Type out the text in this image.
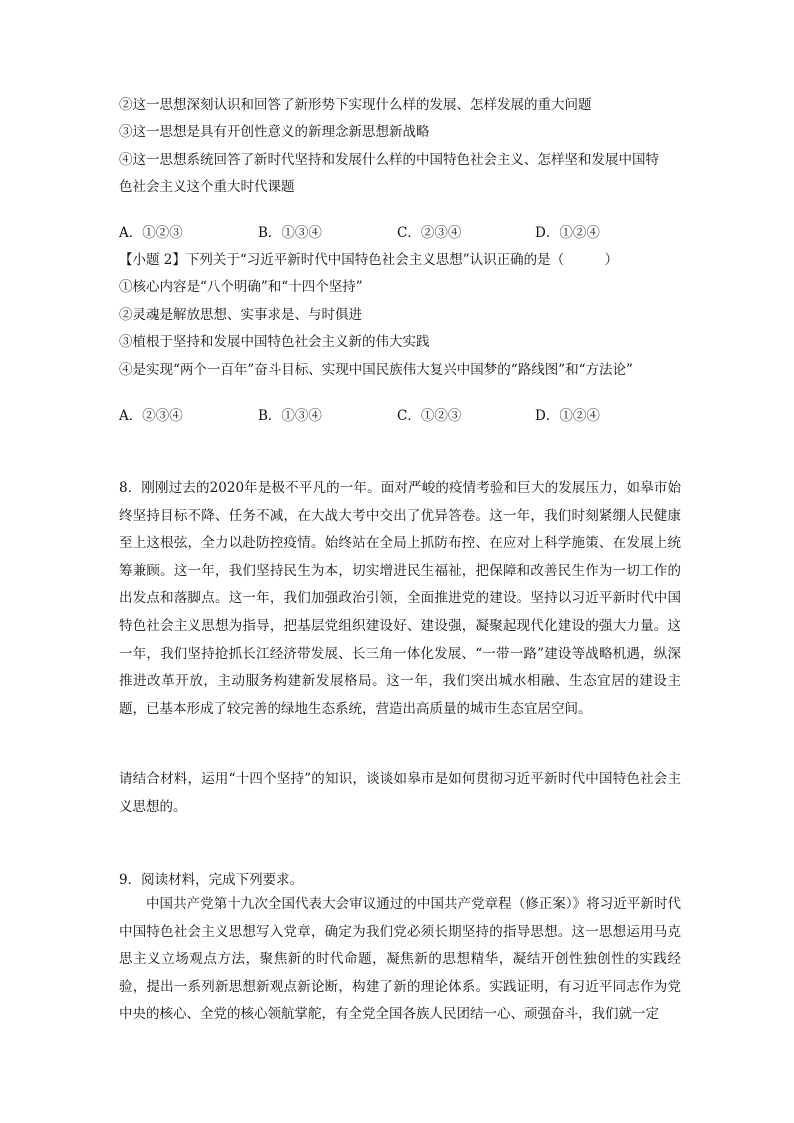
②这一思想深刻认识和回答了新形势下实现什么样的发展、怎样发展的重大问题
③这一思想是具有开创性意义的新理念新思想新战略
④这一思想系统回答了新时代坚持和发展什么样的中国特色社会主义、怎样坚和发展中国特
色社会主义这个重大时代课题
A．①②③	B．①③④	C．②③④	D．①②④
【小题 2】下列关于“习近平新时代中国特色社会主义思想”认识正确的是（　　　）
①核心内容是“八个明确”和“十四个坚持”
②灵魂是解放思想、实事求是、与时俱进
③植根于坚持和发展中国特色社会主义新的伟大实践
④是实现“两个一百年”奋斗目标、实现中国民族伟大复兴中国梦的“路线图”和“方法论”
A．②③④	B．①③④	C．①②③	D．①②④
8．刚刚过去的2020年是极不平凡的一年。面对严峻的疫情考验和巨大的发展压力，如皋市始终坚持目标不降、任务不减，在大战大考中交出了优异答卷。这一年，我们时刻紧绷人民健康至上这根弦，全力以赴防控疫情。始终站在全局上抓防布控、在应对上科学施策、在发展上统筹兼顾。这一年，我们坚持民生为本，切实增进民生福祉，把保障和改善民生作为一切工作的出发点和落脚点。这一年，我们加强政治引领，全面推进党的建设。坚持以习近平新时代中国特色社会主义思想为指导，把基层党组织建设好、建设强，凝聚起现代化建设的强大力量。这一年，我们坚持抢抓长江经济带发展、长三角一体化发展、“一带一路”建设等战略机遇，纵深推进改革开放，主动服务构建新发展格局。这一年，我们突出城水相融、生态宜居的建设主题，已基本形成了较完善的绿地生态系统，营造出高质量的城市生态宜居空间。
请结合材料，运用“十四个坚持”的知识，谈谈如皋市是如何贯彻习近平新时代中国特色社会主义思想的。
9．阅读材料，完成下列要求。
中国共产党第十九次全国代表大会审议通过的中国共产党章程（修正案）》将习近平新时代中国特色社会主义思想写入党章，确定为我们党必须长期坚持的指导思想。这一思想运用马克思主义立场观点方法，聚焦新的时代命题，凝焦新的思想精华，凝结开创性独创性的实践经验，提出一系列新思想新观点新论断，构建了新的理论体系。实践证明，有习近平同志作为党中央的核心、全党的核心领航掌舵，有全党全国各族人民团结一心、顽强奋斗，我们就一定
